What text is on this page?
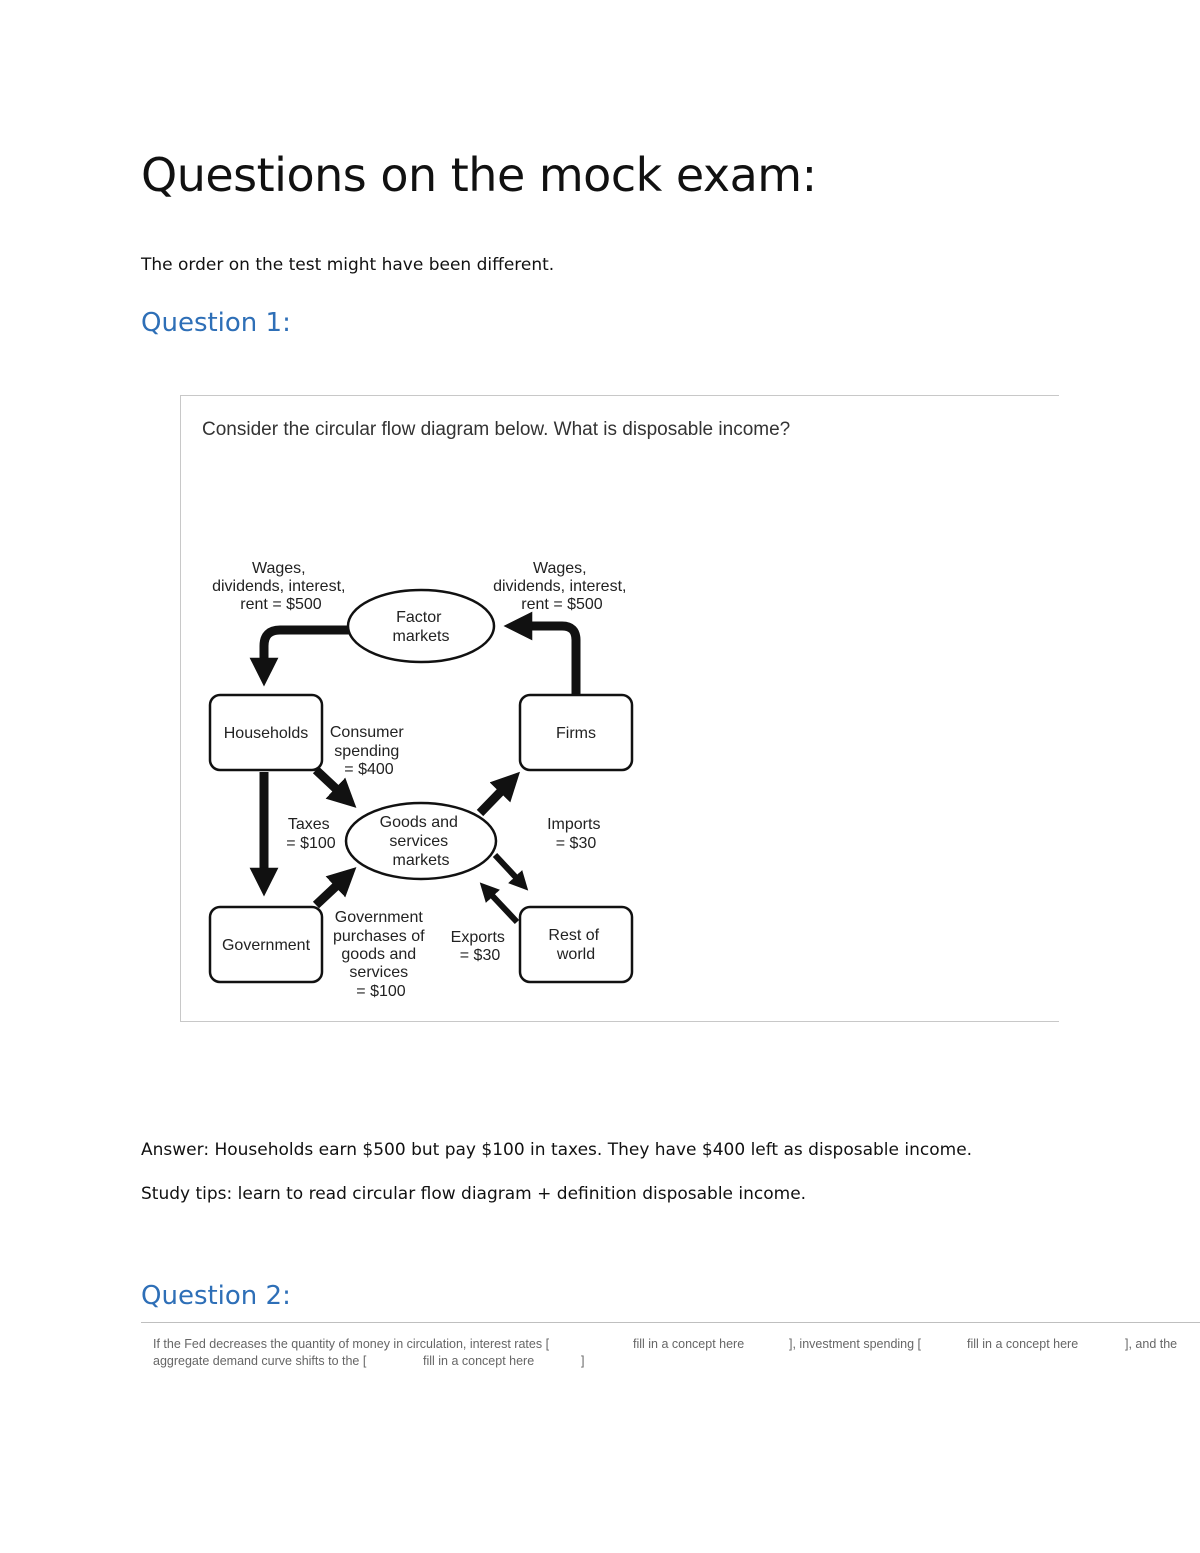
Questions on the mock exam:
The order on the test might have been different.
Question 1:
Consider the circular flow diagram below. What is disposable income?
Wages, dividends, interest, rent = $500
Wages, dividends, interest, rent = $500
Factor markets
Households	Firms
Government
Rest of world
Goods and services markets
Consumer spending = $400
Taxes = $100
Imports = $30
Exports = $30
Government purchases of goods and services = $100
Answer: Households earn $500 but pay $100 in taxes. They have $400 left as disposable income.
Study tips: learn to read circular flow diagram + definition disposable income.
Question 2:
If the Fed decreases the quantity of money in circulation, interest rates [	fill in a concept here	], investment spending [	fill in a concept here	], and the
aggregate demand curve shifts to the [	fill in a concept here	]
